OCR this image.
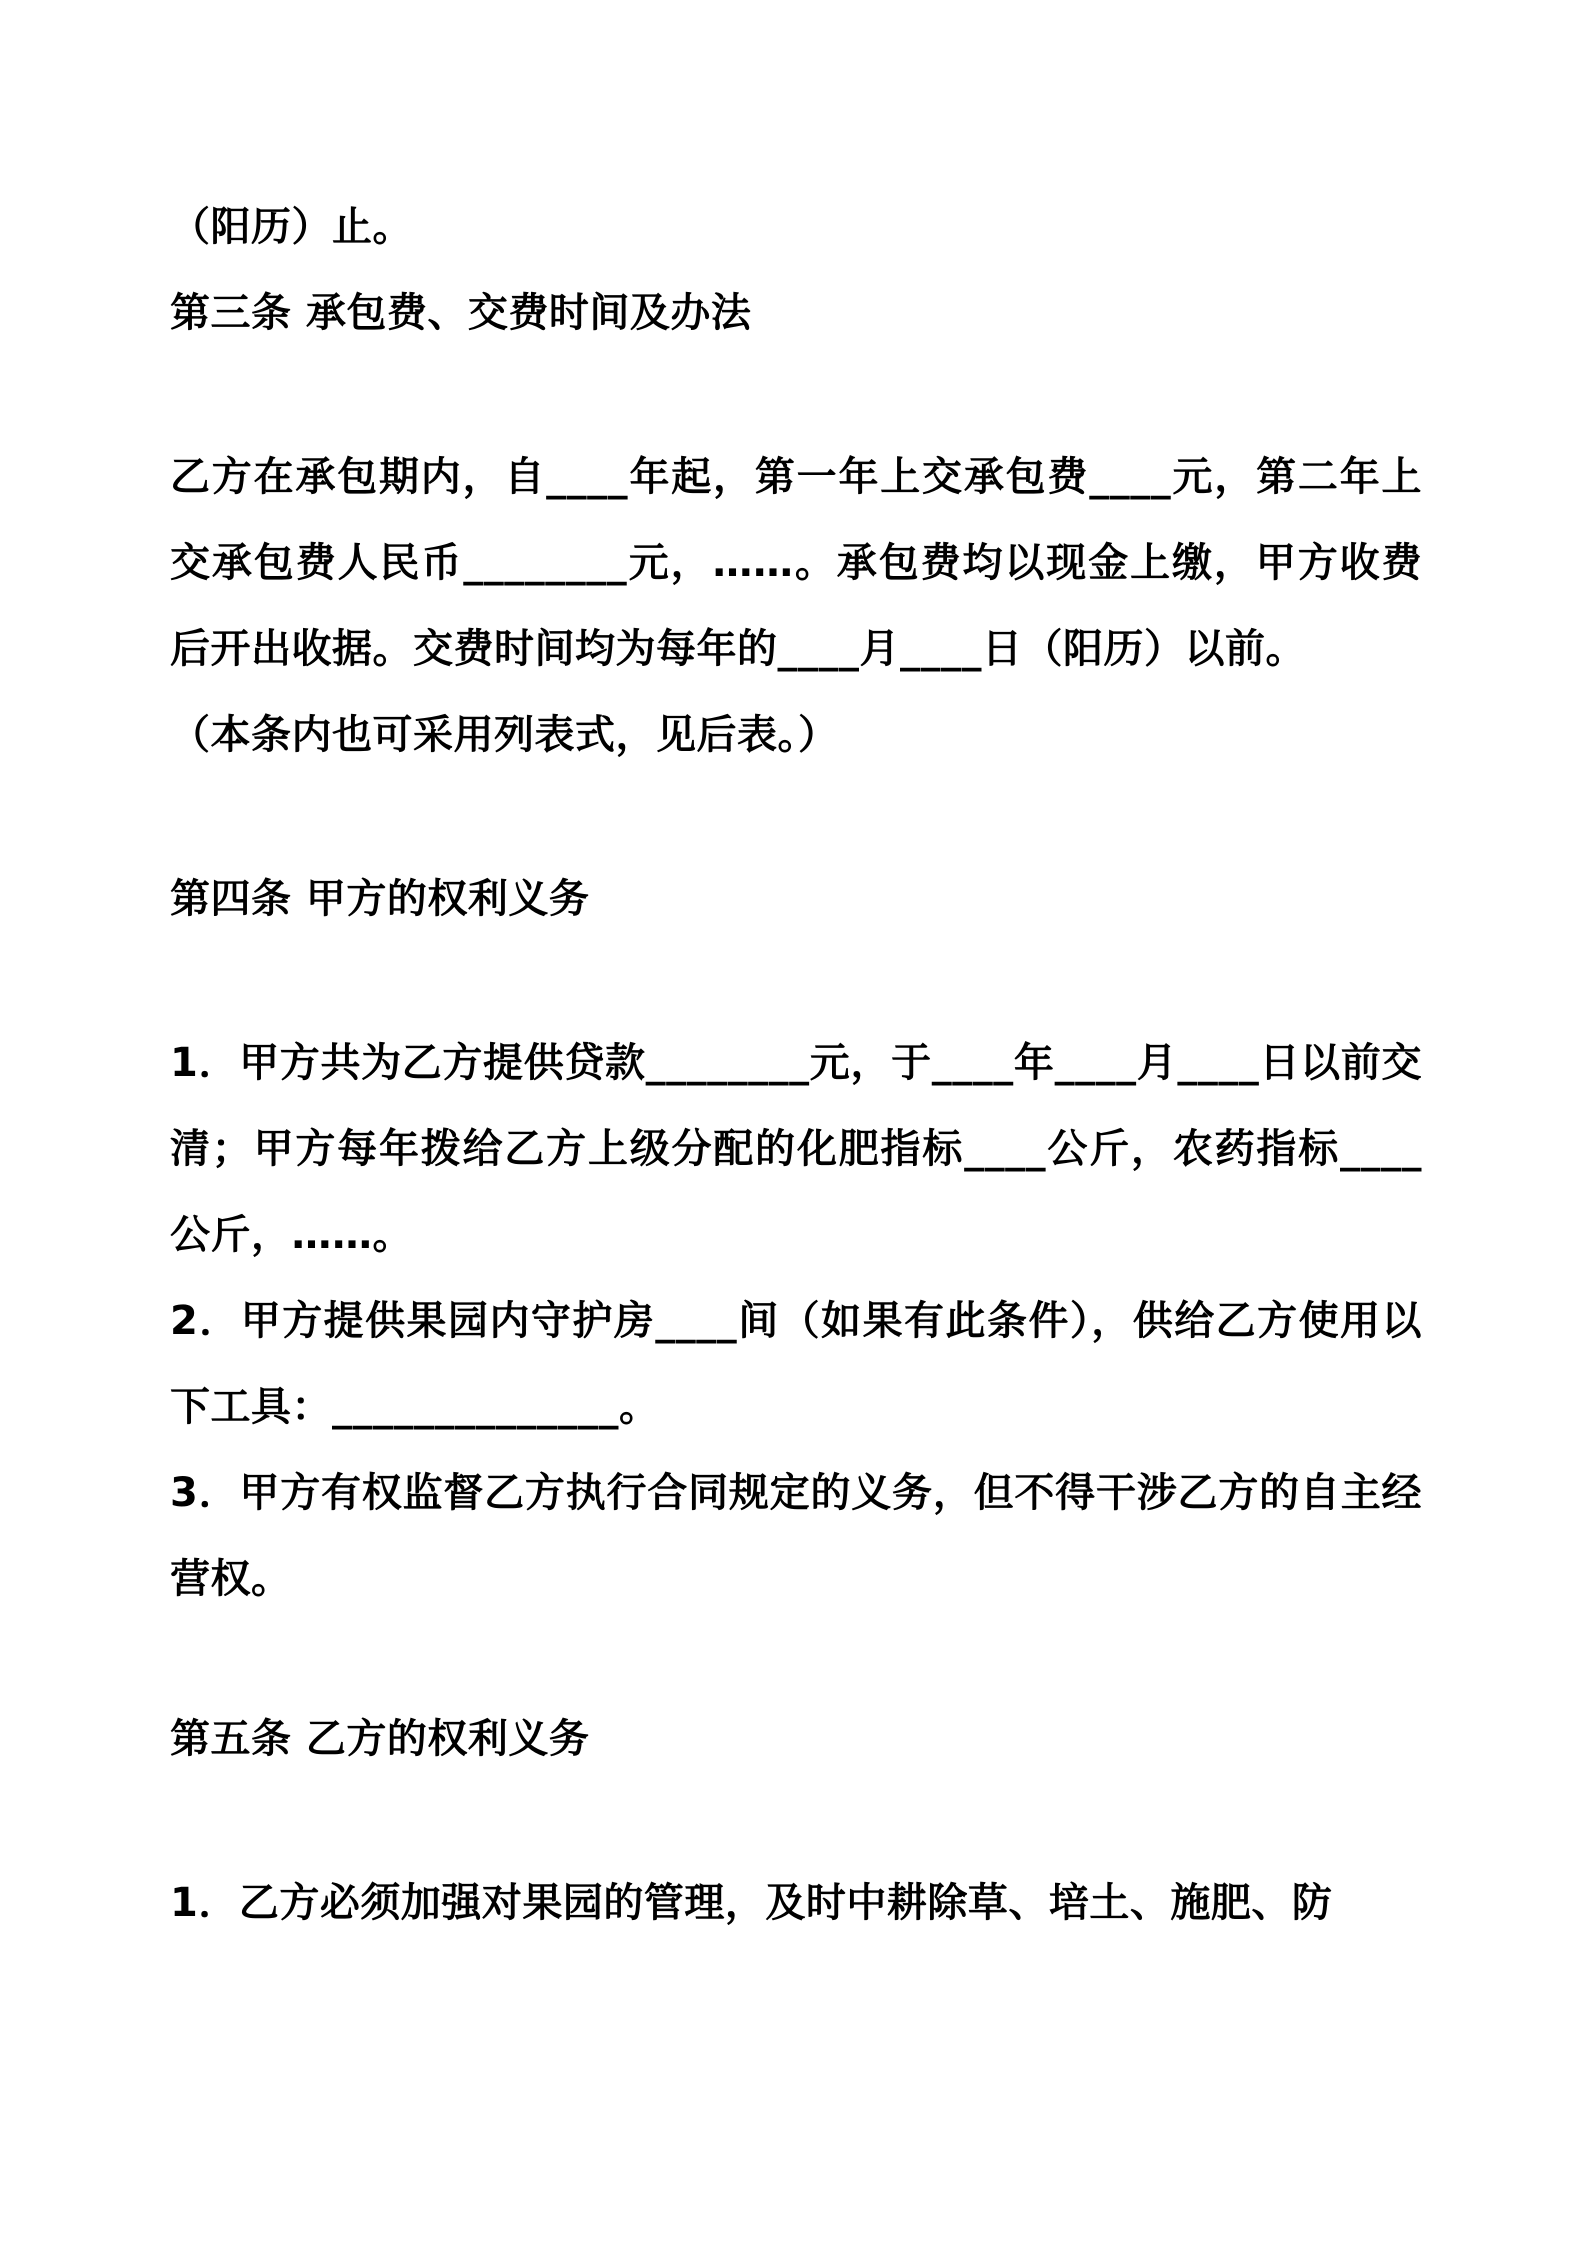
（阳历）止。

第三条 承包费、交费时间及办法

乙方在承包期内，自____年起，第一年上交承包费____元，第二年上交承包费人民币________元，……。承包费均以现金上缴，甲方收费后开出收据。交费时间均为每年的____月____日（阳历）以前。

（本条内也可采用列表式，见后表。）

第四条 甲方的权利义务

1．甲方共为乙方提供贷款________元，于____年____月____日以前交清；甲方每年拨给乙方上级分配的化肥指标____公斤，农药指标____公斤，……。

2．甲方提供果园内守护房____间（如果有此条件），供给乙方使用以下工具：______________。

3．甲方有权监督乙方执行合同规定的义务，但不得干涉乙方的自主经营权。

第五条 乙方的权利义务

1．乙方必须加强对果园的管理，及时中耕除草、培土、施肥、防
